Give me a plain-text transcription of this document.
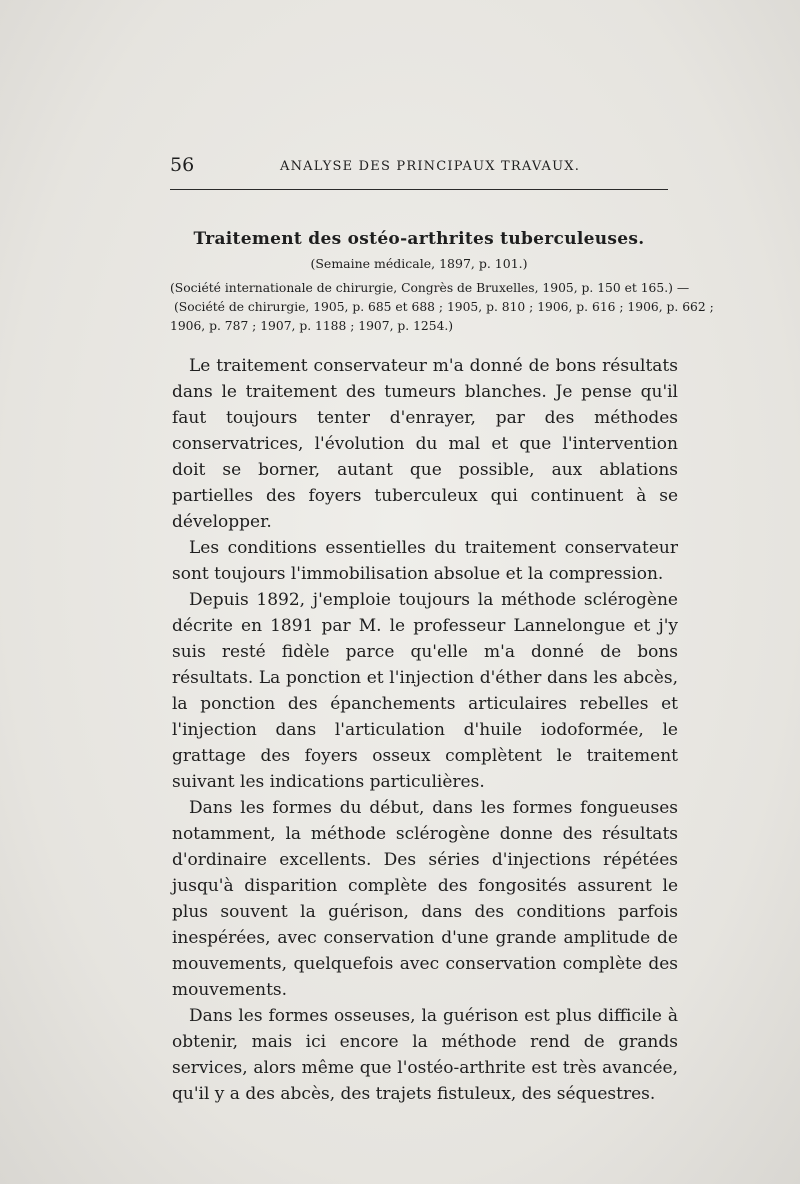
56	ANALYSE DES PRINCIPAUX TRAVAUX.
Traitement des ostéo-arthrites tuberculeuses.
(Semaine médicale, 1897, p. 101.)

(Société internationale de chirurgie, Congrès de Bruxelles, 1905, p. 150 et 165.) —

(Société de chirurgie, 1905, p. 685 et 688 ; 1905, p. 810 ; 1906, p. 616 ; 1906, p. 662 ;

1906, p. 787 ; 1907, p. 1188 ; 1907, p. 1254.)

Le traitement conservateur m'a donné de bons résultats dans le traitement des tumeurs blanches. Je pense qu'il faut toujours tenter d'enrayer, par des méthodes conservatrices, l'évolution du mal et que l'intervention doit se borner, autant que possible, aux ablations partielles des foyers tuberculeux qui continuent à se développer.

Les conditions essentielles du traitement conservateur sont toujours l'immobilisation absolue et la compression.

Depuis 1892, j'emploie toujours la méthode sclérogène décrite en 1891 par M. le professeur Lannelongue et j'y suis resté fidèle parce qu'elle m'a donné de bons résultats. La ponction et l'injection d'éther dans les abcès, la ponction des épanchements articulaires rebelles et l'injection dans l'articulation d'huile iodoformée, le grattage des foyers osseux complètent le traitement suivant les indications particulières.

Dans les formes du début, dans les formes fongueuses notamment, la méthode sclérogène donne des résultats d'ordinaire excellents. Des séries d'injections répétées jusqu'à disparition complète des fongosités assurent le plus souvent la guérison, dans des conditions parfois inespérées, avec conservation d'une grande amplitude de mouvements, quelquefois avec conservation complète des mouvements.

Dans les formes osseuses, la guérison est plus difficile à obtenir, mais ici encore la méthode rend de grands services, alors même que l'ostéo-arthrite est très avancée, qu'il y a des abcès, des trajets fistuleux, des séquestres.
